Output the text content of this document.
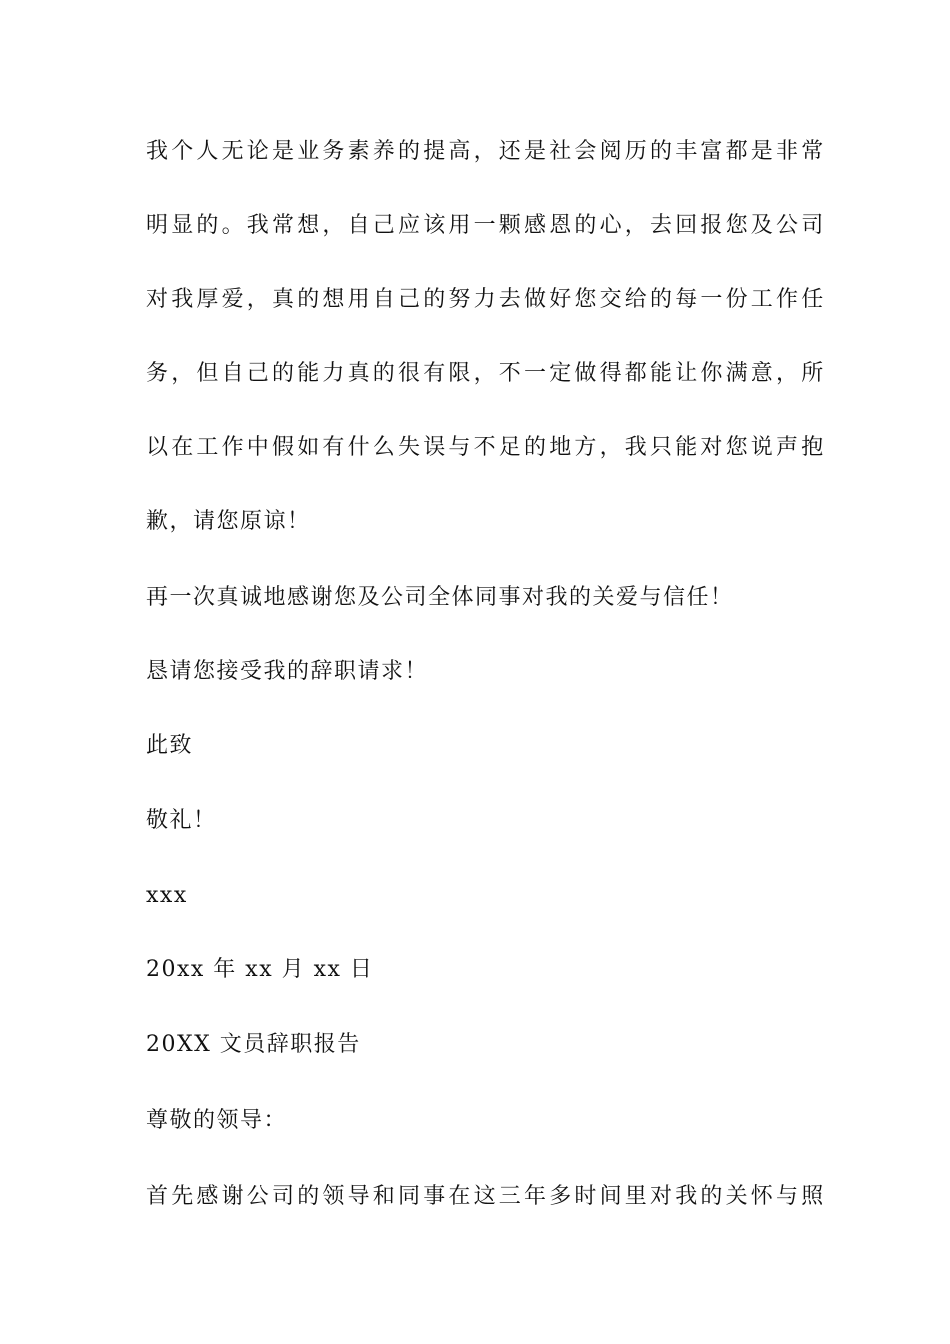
我个人无论是业务素养的提高，还是社会阅历的丰富都是非常
明显的。我常想，自己应该用一颗感恩的心，去回报您及公司
对我厚爱，真的想用自己的努力去做好您交给的每一份工作任
务，但自己的能力真的很有限，不一定做得都能让你满意，所
以在工作中假如有什么失误与不足的地方，我只能对您说声抱
歉，请您原谅！
再一次真诚地感谢您及公司全体同事对我的关爱与信任！
恳请您接受我的辞职请求！
此致
敬礼！
xxx
20xx 年 xx 月 xx 日
20XX 文员辞职报告
尊敬的领导：
首先感谢公司的领导和同事在这三年多时间里对我的关怀与照
